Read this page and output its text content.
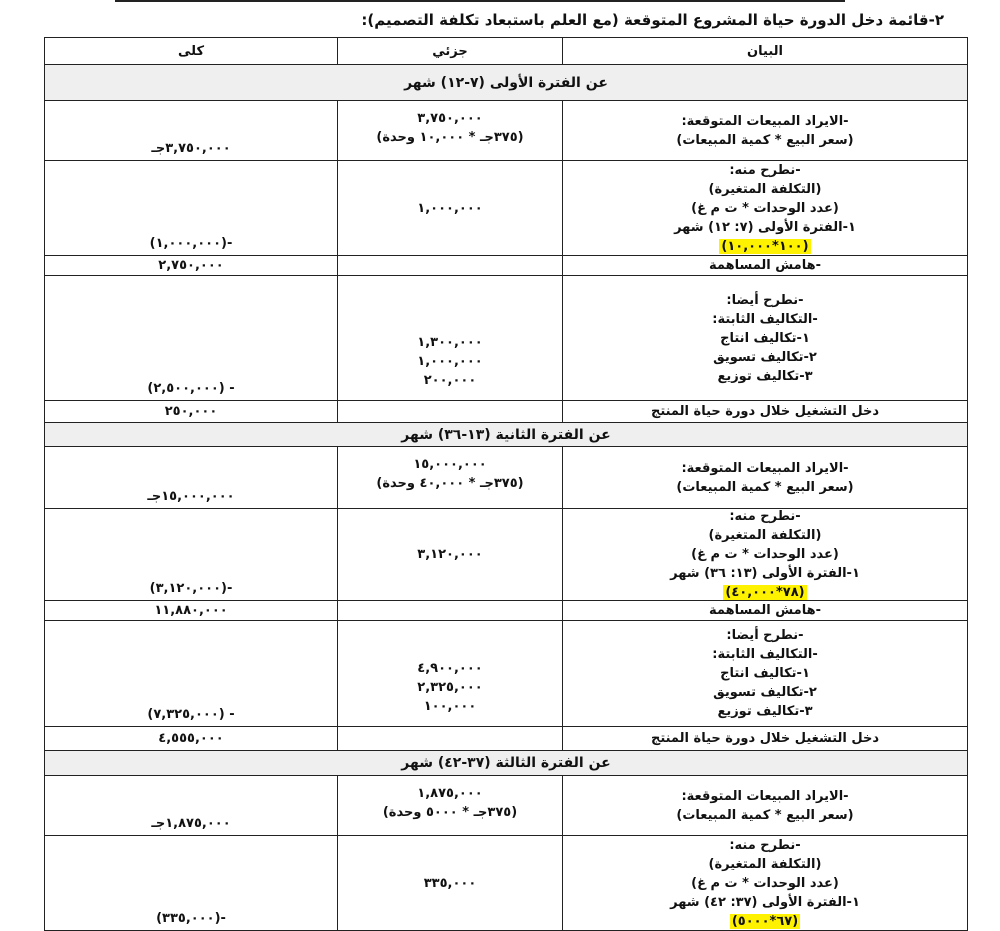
٢-قائمة دخل الدورة حياة المشروع المتوقعة (مع العلم باستبعاد تكلفة التصميم):
البيان
جزئي
كلى
عن الفترة الأولى (٧-١٢) شهر
-الايراد المبيعات المتوقعة:
(سعر البيع * كمية المبيعات)
٣,٧٥٠,٠٠٠
(٣٧٥جـ * ١٠,٠٠٠ وحدة)
٣,٧٥٠,٠٠٠جـ
-نطرح منه:
(التكلفة المتغيرة)
(عدد الوحدات * ت م غ)
١-الفترة الأولى (٧: ١٢) شهر
(١٠٠*١٠,٠٠٠)
١,٠٠٠,٠٠٠
-(١,٠٠٠,٠٠٠)
-هامش المساهمة
٢,٧٥٠,٠٠٠
-نطرح أيضا:
-التكاليف الثابتة:
١-تكاليف انتاج
٢-تكاليف تسويق
٣-تكاليف توزيع
١,٣٠٠,٠٠٠
١,٠٠٠,٠٠٠
٢٠٠,٠٠٠
- (٢,٥٠٠,٠٠٠)
دخل التشغيل خلال دورة حياة المنتج
٢٥٠,٠٠٠
عن الفترة الثانية (١٣-٣٦) شهر
-الايراد المبيعات المتوقعة:
(سعر البيع * كمية المبيعات)
١٥,٠٠٠,٠٠٠
(٣٧٥جـ * ٤٠,٠٠٠ وحدة)
١٥,٠٠٠,٠٠٠جـ
-نطرح منه:
(التكلفة المتغيرة)
(عدد الوحدات * ت م غ)
١-الفترة الأولى (١٣: ٣٦) شهر
(٧٨*٤٠,٠٠٠)
٣,١٢٠,٠٠٠
-(٣,١٢٠,٠٠٠)
-هامش المساهمة
١١,٨٨٠,٠٠٠
-نطرح أيضا:
-التكاليف الثابتة:
١-تكاليف انتاج
٢-تكاليف تسويق
٣-تكاليف توزيع
٤,٩٠٠,٠٠٠
٢,٣٢٥,٠٠٠
١٠٠,٠٠٠
- (٧,٣٢٥,٠٠٠)
دخل التشغيل خلال دورة حياة المنتج
٤,٥٥٥,٠٠٠
عن الفترة الثالثة (٣٧-٤٢) شهر
-الايراد المبيعات المتوقعة:
(سعر البيع * كمية المبيعات)
١,٨٧٥,٠٠٠
(٣٧٥جـ * ٥٠٠٠ وحدة)
١,٨٧٥,٠٠٠جـ
-نطرح منه:
(التكلفة المتغيرة)
(عدد الوحدات * ت م غ)
١-الفترة الأولى (٣٧: ٤٢) شهر
(٦٧*٥٠٠٠)
٣٣٥,٠٠٠
-(٣٣٥,٠٠٠)
